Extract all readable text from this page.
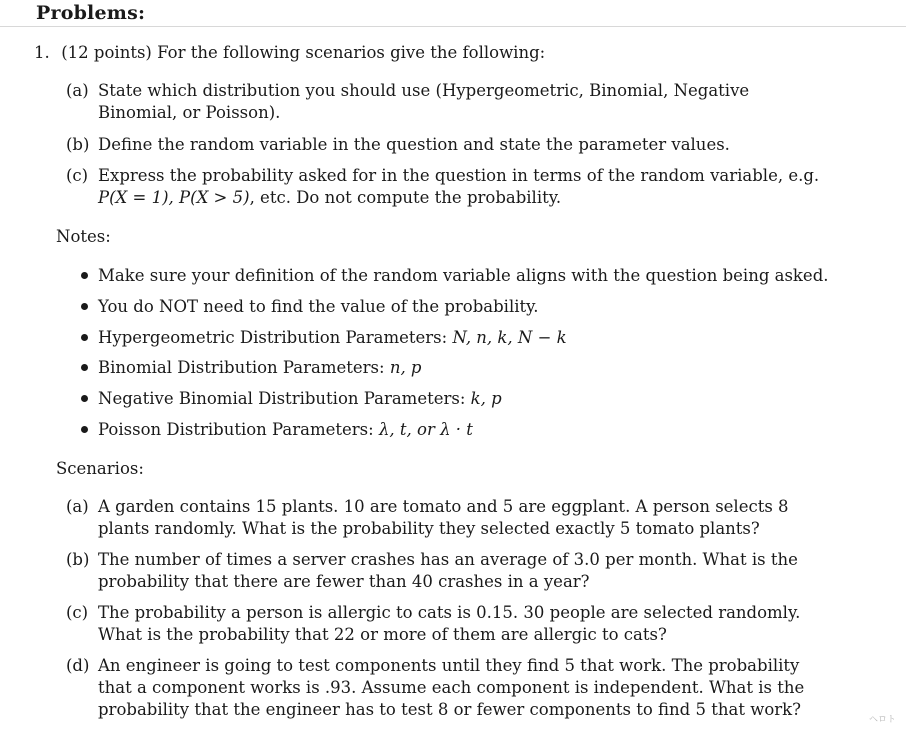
Problems:
1. (12 points) For the following scenarios give the following:
(a) State which distribution you should use (Hypergeometric, Binomial, Negative Binomial, or Poisson).
(b) Define the random variable in the question and state the parameter values.
(c) Express the probability asked for in the question in terms of the random variable, e.g. P(X = 1), P(X > 5), etc. Do not compute the probability.
Notes:
Make sure your definition of the random variable aligns with the question being asked.
You do NOT need to find the value of the probability.
Hypergeometric Distribution Parameters: N, n, k, N − k
Binomial Distribution Parameters: n, p
Negative Binomial Distribution Parameters: k, p
Poisson Distribution Parameters: λ, t, or λ · t
Scenarios:
(a) A garden contains 15 plants. 10 are tomato and 5 are eggplant. A person selects 8 plants randomly. What is the probability they selected exactly 5 tomato plants?
(b) The number of times a server crashes has an average of 3.0 per month. What is the probability that there are fewer than 40 crashes in a year?
(c) The probability a person is allergic to cats is 0.15. 30 people are selected randomly. What is the probability that 22 or more of them are allergic to cats?
(d) An engineer is going to test components until they find 5 that work. The probability that a component works is .93. Assume each component is independent. What is the probability that the engineer has to test 8 or fewer components to find 5 that work?
ヘロト
